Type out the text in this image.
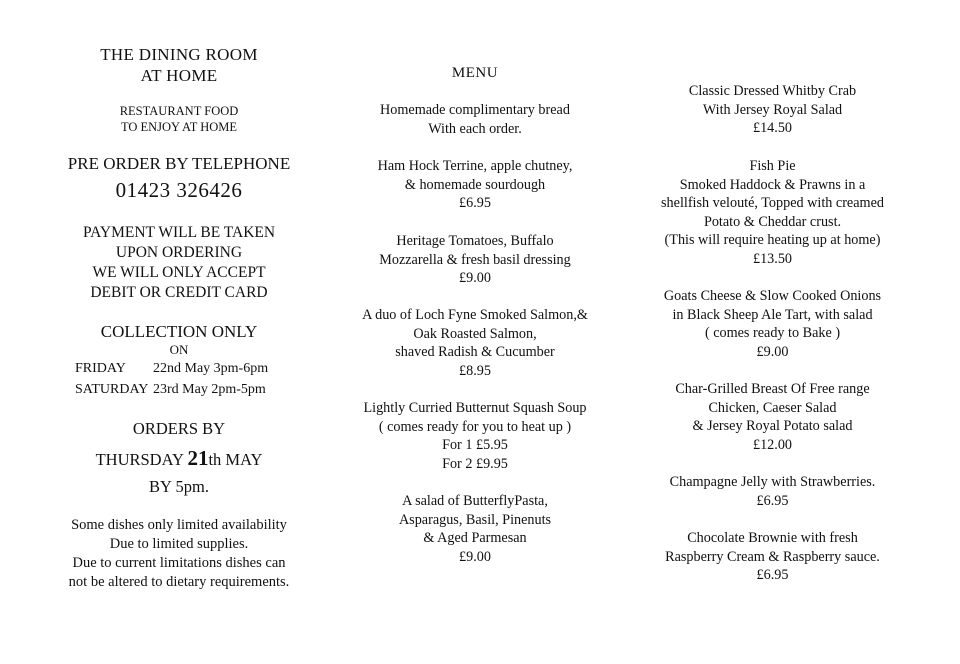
THE DINING ROOM
AT HOME
RESTAURANT FOOD
TO ENJOY AT HOME
PRE ORDER BY TELEPHONE
01423 326426
PAYMENT WILL BE TAKEN
UPON ORDERING
WE WILL ONLY ACCEPT
DEBIT OR CREDIT CARD
COLLECTION ONLY
ON
FRIDAY 22nd May 3pm-6pm
SATURDAY 23rd May 2pm-5pm
ORDERS BY
THURSDAY 21th MAY
BY 5pm.
Some dishes only limited availability
Due to limited supplies.
Due to current limitations dishes can
not be altered to dietary requirements.
MENU
Homemade complimentary bread
With each order.
Ham Hock Terrine, apple chutney,
& homemade sourdough
£6.95
Heritage Tomatoes, Buffalo
Mozzarella & fresh basil dressing
£9.00
A duo of Loch Fyne Smoked Salmon,&
Oak Roasted Salmon,
shaved Radish & Cucumber
£8.95
Lightly Curried Butternut Squash Soup
( comes ready for you to heat up )
For 1 £5.95
For 2 £9.95
A salad of ButterflyPasta,
Asparagus, Basil, Pinenuts
& Aged Parmesan
£9.00
Classic Dressed Whitby Crab
With Jersey Royal Salad
£14.50
Fish Pie
Smoked Haddock & Prawns in a
shellfish velouté, Topped with creamed
Potato & Cheddar crust.
(This will require heating up at home)
£13.50
Goats Cheese & Slow Cooked Onions
in Black Sheep Ale Tart, with salad
( comes ready to Bake )
£9.00
Char-Grilled Breast Of Free range
Chicken, Caeser Salad
& Jersey Royal Potato salad
£12.00
Champagne Jelly with Strawberries.
£6.95
Chocolate Brownie with fresh
Raspberry Cream & Raspberry sauce.
£6.95
